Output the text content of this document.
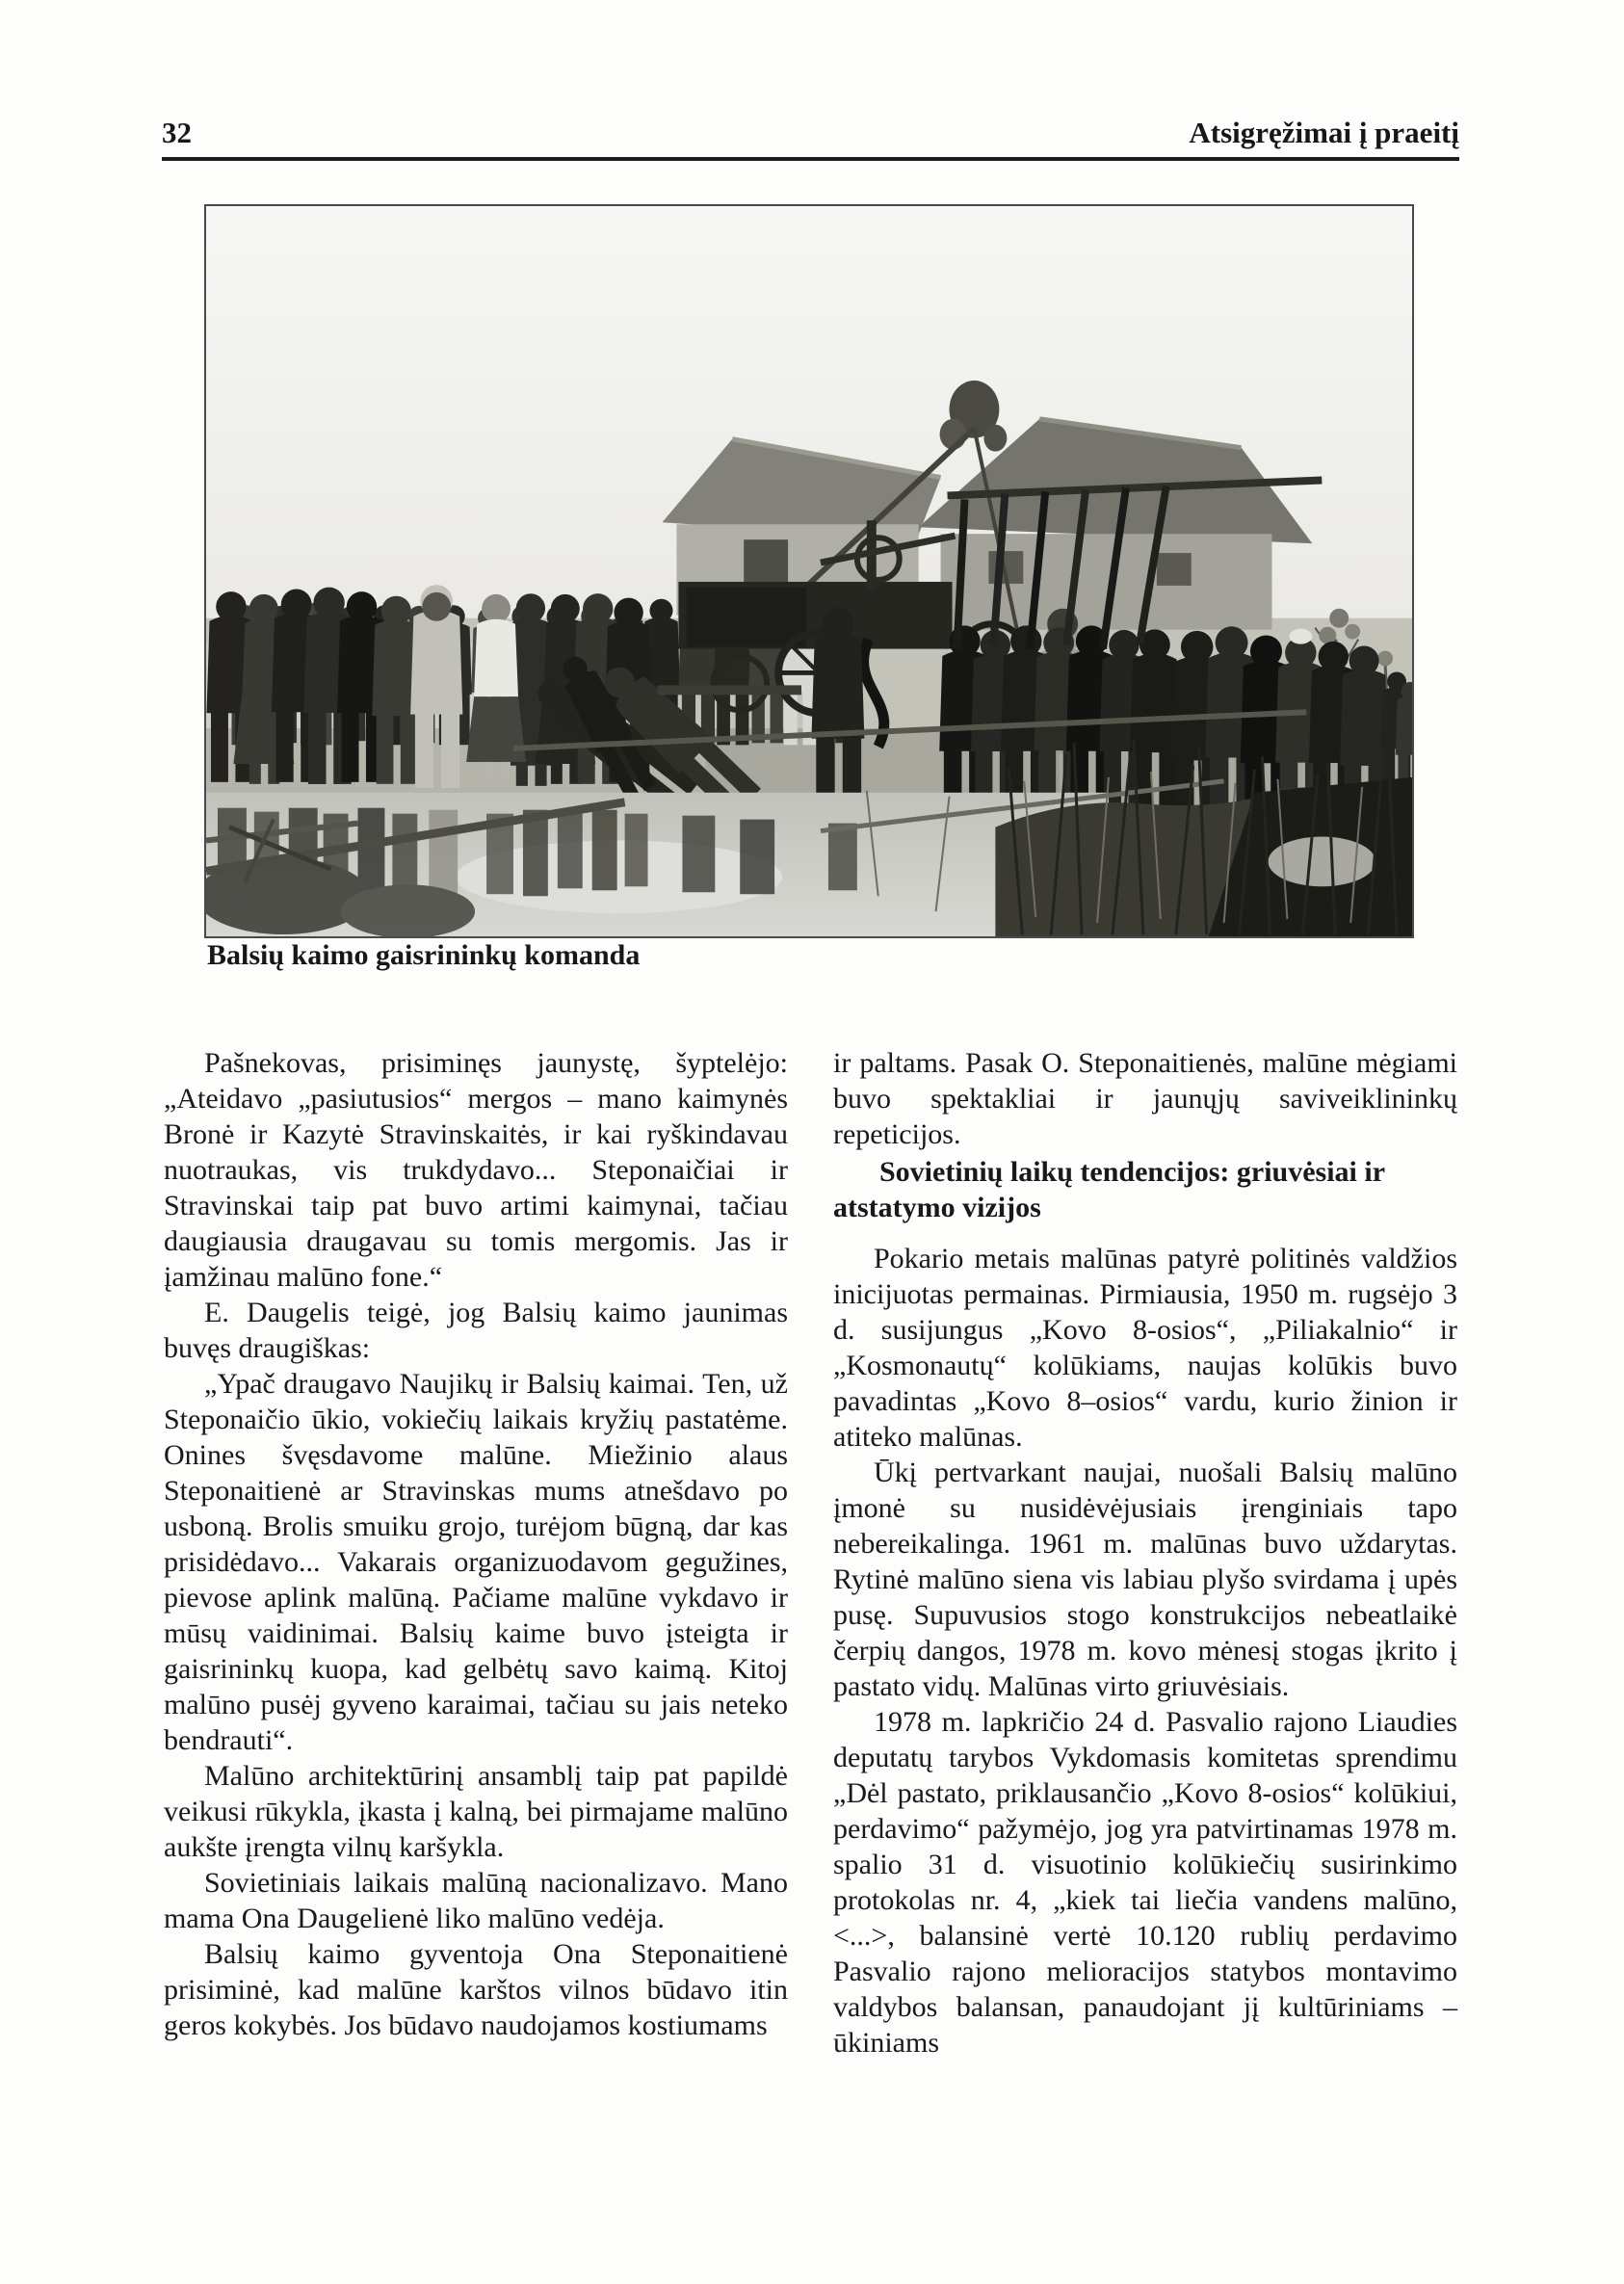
32	Atsigręžimai į praeitį
Balsių kaimo gaisrininkų komanda

Pašnekovas, prisiminęs jaunystę, šyptelėjo: „Ateidavo „pasiutusios“ mergos – mano kaimynės Bronė ir Kazytė Stravinskaitės, ir kai ryškindavau nuotraukas, vis trukdydavo... Steponaičiai ir Stravinskai taip pat buvo artimi kaimynai, tačiau daugiausia draugavau su tomis mergomis. Jas ir įamžinau malūno fone.“

E. Daugelis teigė, jog Balsių kaimo jaunimas buvęs draugiškas:

„Ypač draugavo Naujikų ir Balsių kaimai. Ten, už Steponaičio ūkio, vokiečių laikais kryžių pastatėme. Onines švęsdavome malūne. Miežinio alaus Steponaitienė ar Stravinskas mums atnešdavo po usboną. Brolis smuiku grojo, turėjom būgną, dar kas prisidėdavo... Vakarais organizuodavom gegužines, pievose aplink malūną. Pačiame malūne vykdavo ir mūsų vaidinimai. Balsių kaime buvo įsteigta ir gaisrininkų kuopa, kad gelbėtų savo kaimą. Kitoj malūno pusėj gyveno karaimai, tačiau su jais neteko bendrauti“.

Malūno architektūrinį ansamblį taip pat papildė veikusi rūkykla, įkasta į kalną, bei pirmajame malūno aukšte įrengta vilnų karšykla.

Sovietiniais laikais malūną nacionalizavo. Mano mama Ona Daugelienė liko malūno vedėja.

Balsių kaimo gyventoja Ona Steponaitienė prisiminė, kad malūne karštos vilnos būdavo itin geros kokybės. Jos būdavo naudojamos kostiumams

ir paltams. Pasak O. Steponaitienės, malūne mėgiami buvo spektakliai ir jaunųjų saviveiklininkų repeticijos.

Sovietinių laikų tendencijos: griuvėsiai ir atstatymo vizijos

Pokario metais malūnas patyrė politinės valdžios inicijuotas permainas. Pirmiausia, 1950 m. rugsėjo 3 d. susijungus „Kovo 8-osios“, „Piliakalnio“ ir „Kosmonautų“ kolūkiams, naujas kolūkis buvo pavadintas „Kovo 8–osios“ vardu, kurio žinion ir atiteko malūnas.

Ūkį pertvarkant naujai, nuošali Balsių malūno įmonė su nusidėvėjusiais įrenginiais tapo nebereikalinga. 1961 m. malūnas buvo uždarytas. Rytinė malūno siena vis labiau plyšo svirdama į upės pusę. Supuvusios stogo konstrukcijos nebeatlaikė čerpių dangos, 1978 m. kovo mėnesį stogas įkrito į pastato vidų. Malūnas virto griuvėsiais.

1978 m. lapkričio 24 d. Pasvalio rajono Liaudies deputatų tarybos Vykdomasis komitetas sprendimu „Dėl pastato, priklausančio „Kovo 8-osios“ kolūkiui, perdavimo“ pažymėjo, jog yra patvirtinamas 1978 m. spalio 31 d. visuotinio kolūkiečių susirinkimo protokolas nr. 4, „kiek tai liečia vandens malūno, <...>, balansinė vertė 10.120 rublių perdavimo Pasvalio rajono melioracijos statybos montavimo valdybos balansan, panaudojant jį kultūriniams – ūkiniams
